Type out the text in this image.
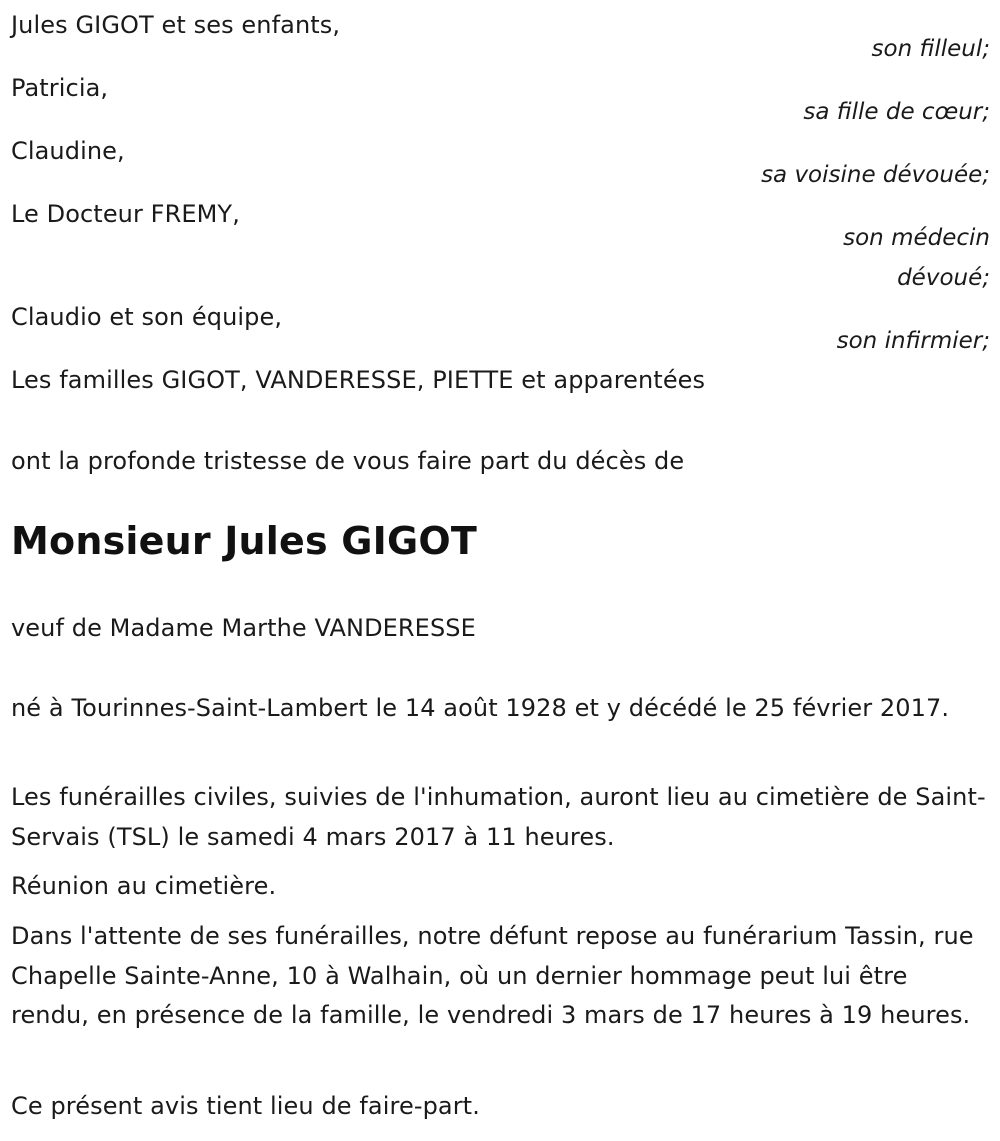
Jules GIGOT et ses enfants,
son filleul;
Patricia,
sa fille de cœur;
Claudine,
sa voisine dévouée;
Le Docteur FREMY,
son médecin
dévoué;
Claudio et son équipe,
son infirmier;
Les familles GIGOT, VANDERESSE, PIETTE et apparentées
ont la profonde tristesse de vous faire part du décès de
Monsieur Jules GIGOT
veuf de Madame Marthe VANDERESSE

né à Tourinnes-Saint-Lambert le 14 août 1928 et y décédé le 25 février 2017.

Les funérailles civiles, suivies de l'inhumation, auront lieu au cimetière de Saint-Servais (TSL) le samedi 4 mars 2017 à 11 heures.

Réunion au cimetière.

Dans l'attente de ses funérailles, notre défunt repose au funérarium Tassin, rue Chapelle Sainte-Anne, 10 à Walhain, où un dernier hommage peut lui être rendu, en présence de la famille, le vendredi 3 mars de 17 heures à 19 heures.

Ce présent avis tient lieu de faire-part.
